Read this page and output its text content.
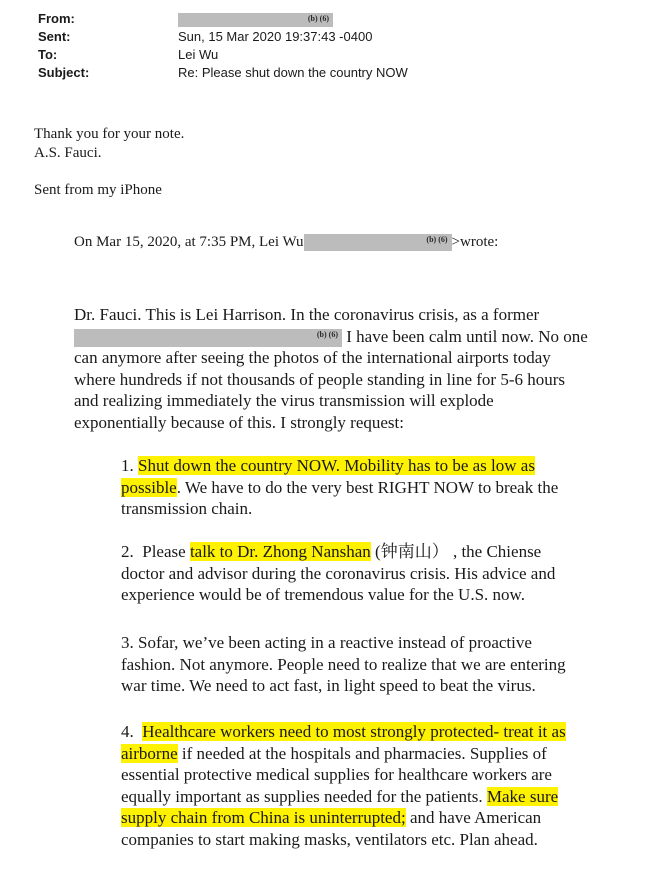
From:	(b) (6)
Sent:	Sun, 15 Mar 2020 19:37:43 -0400
To:	Lei Wu
Subject:	Re: Please shut down the country NOW
Thank you for your note.
A.S. Fauci.
Sent from my iPhone
On Mar 15, 2020, at 7:35 PM, Lei Wu	(b) (6) >wrote:
Dr. Fauci. This is Lei Harrison. In the coronavirus crisis, as a former
(b) (6) I have been calm until now. No one
can anymore after seeing the photos of the international airports today
where hundreds if not thousands of people standing in line for 5-6 hours
and realizing immediately the virus transmission will explode
exponentially because of this. I strongly request:
1. Shut down the country NOW. Mobility has to be as low as
possible. We have to do the very best RIGHT NOW to break the
transmission chain.
2. Please talk to Dr. Zhong Nanshan (钟南山） , the Chiense
doctor and advisor during the coronavirus crisis. His advice and
experience would be of tremendous value for the U.S. now.
3. Sofar, we’ve been acting in a reactive instead of proactive
fashion. Not anymore. People need to realize that we are entering
war time. We need to act fast, in light speed to beat the virus.
4. Healthcare workers need to most strongly protected- treat it as
airborne if needed at the hospitals and pharmacies. Supplies of
essential protective medical supplies for healthcare workers are
equally important as supplies needed for the patients. Make sure
supply chain from China is uninterrupted; and have American
companies to start making masks, ventilators etc. Plan ahead.
